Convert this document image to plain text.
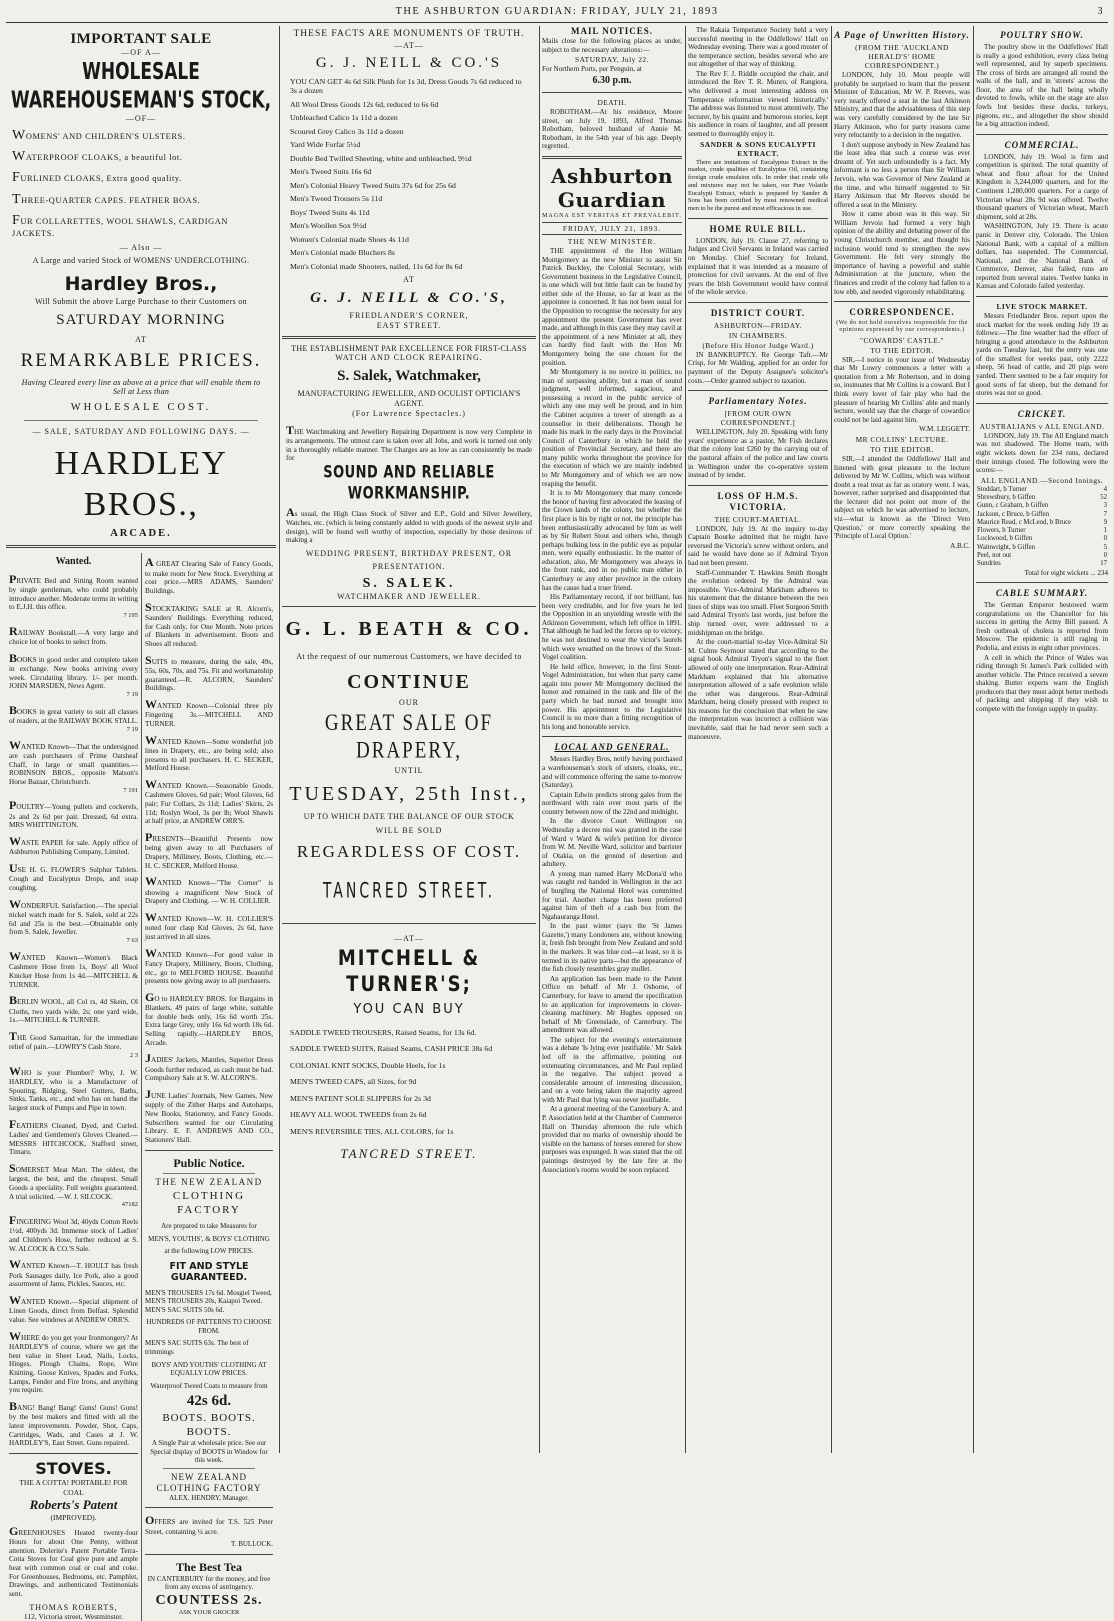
THE ASHBURTON GUARDIAN: FRIDAY, JULY 21, 1893	3
IMPORTANT SALE
—OF A—
WHOLESALE WAREHOUSEMAN'S STOCK,
—OF—

WOMENS' AND CHILDREN'S ULSTERS.

WATERPROOF CLOAKS, a beautiful lot.

FURLINED CLOAKS, Extra good quality.

THREE-QUARTER CAPES. FEATHER BOAS.

FUR COLLARETTES, WOOL SHAWLS, CARDIGAN JACKETS.

— Also —
A Large and varied Stock of WOMENS' UNDERCLOTHING.
Hardley Bros.,
Will Submit the above Large Purchase to their Customers on
SATURDAY MORNING
AT
REMARKABLE PRICES.
Having Cleared every line as above at a price that will enable them to Sell at Less than
WHOLESALE COST.
— SALE, SATURDAY AND FOLLOWING DAYS. —
HARDLEY BROS.,
ARCADE.
Wanted.
PRIVATE Bed and Sitting Room wanted by single gentleman, who could probably introduce another. Moderate terms in writing to E.J.H. this office.
7 195
RAILWAY Bookstall.—A very large and choice lot of books to select from.
BOOKS in good order and complete taken in exchange. New books arriving every week. Circulating library. 1/- per month. JOHN MARSDEN, News Agent.
7 19
BOOKS in great variety to suit all classes of readers, at the RAILWAY BOOK STALL.
7 19
WANTED Known—That the undersigned are cash purchasers of Prime Oatsheaf Chaff, in large or small quantities.—ROBINSON BROS., opposite Matson's Horse Bazaar, Christchurch.
7 191
POULTRY—Young pullets and cockerels, 2s and 2s 6d per pair. Dressed, 6d extra. MRS WHITTINGTON.
WASTE PAPER for sale. Apply office of Ashburton Publishing Company, Limited.
USE H. G. FLOWER'S Sulphur Tablets. Cough and Eucalyptus Drops, and soap coughing.
WONDERFUL Satisfaction.—The special nickel watch made for S. Salek, sold at 22s 6d and 25s is the best.—Obtainable only from S. Salek, Jeweller.
7 63
WANTED Known—Women's Black Cashmere Hose from 1s, Boys' all Wool Knicker Hose from 1s 4d.—MITCHELL & TURNER.
BERLIN WOOL, all Col rs, 4d Skein, Ol Cloths, two yards wide, 2s; one yard wide, 1s.—MITCHELL & TURNER.
THE Good Samaritan, for the immediate relief of pain.—LOWRY'S Cash Store.
2 3
WHO is your Plumber? Why, J. W. HARDLEY, who is a Manufacturer of Spouting, Ridging, Steel Gutters, Baths, Sinks, Tanks, etc., and who has on hand the largest stock of Pumps and Pipe in town.
FEATHERS Cleaned, Dyed, and Curled. Ladies' and Gentlemen's Gloves Cleaned.—MESSRS HITCHCOCK, Stafford street, Timaru.
SOMERSET Meat Mart. The oldest, the largest, the best, and the cheapest. Small Goods a speciality. Full weights guaranteed. A trial solicited. —W. J. SILCOCK.
47182
FINGERING Wool 3d, 40yds Cotton Reels 1½d, 400yds 3d. Immense stock of Ladies' and Children's Hose, further reduced at S. W. ALCOCK & CO.'S Sale.
WANTED Known—T. HOULT has fresh Pork Sausages daily, Ice Pork, also a good assortment of Jams, Pickles, Sauces, etc.
WANTED Known.—Special shipment of Linen Goods, direct from Belfast. Splendid value. See windows at ANDREW ORR'S.
WHERE do you get your Ironmongery? At HARDLEY'S of course, where we get the best value in Sheet Lead, Nails, Locks, Hinges, Plough Chains, Rope, Wire Knitting, Goose Knives, Spades and Forks, Lamps, Fender and Fire Irons, and anything you require.
BANG! Bang! Bang! Guns! Guns! Guns! by the best makers and fitted with all the latest improvements. Powder, Shot, Caps, Cartridges, Wads, and Cases at J. W. HARDLEY'S, East Street. Guns repaired.
STOVES.
THE A COTTA! PORTABLE! FOR COAL
Roberts's Patent
(IMPROVED).
GREENHOUSES Heated twenty-four Hours for about One Penny, without attention. Dolerite's Patent Portable Terra-Cotta Stoves for Coal give pure and ample heat with common coal or coal and coke. For Greenhouses, Bedrooms, etc. Pamphlet, Drawings, and authenticated Testimonials sent.
THOMAS ROBERTS,
112, Victoria street, Westminster.
A GREAT Clearing Sale of Fancy Goods, to make room for New Stock. Everything at cost price.—MRS ADAMS, Saunders' Buildings.
STOCKTAKING SALE at R. Alcorn's, Saunders' Buildings. Everything reduced, for Cash only, for One Month. Note prices of Blankets in advertisement. Boots and Shoes all reduced.
SUITS to measure, during the sale, 49s, 55s, 60s, 70s, and 75s. Fit and workmanship guaranteed.—R. ALCORN, Saunders' Buildings.
WANTED Known—Colonial three ply Fingering 3s.—MITCHELL AND TURNER.
WANTED Known—Some wonderful job lines in Drapery, etc., are being sold; also presents to all purchasers. H. C. SECKER, Melford House.
WANTED Known.—Seasonable Goods. Cashmere Gloves, 6d pair; Wool Gloves, 6d pair; Fur Collars, 2s 11d; Ladies' Skirts, 2s 11d; Roslyn Wool, 3s per lb; Wool Shawls at half price, at ANDREW ORR'S.
PRESENTS—Beautiful Presents now being given away to all Purchasers of Drapery, Millinery, Boots, Clothing, etc.—H. C. SECKER, Melford House.
WANTED Known—"The Corner" is showing a magnificent New Stock of Drapery and Clothing. — W. H. COLLIER.
WANTED Known—W. H. COLLIER'S noted four clasp Kid Gloves, 2s 6d, have just arrived in all sizes.
WANTED Known—For good value in Fancy Drapery, Millinery, Boots, Clothing, etc., go to MELFORD HOUSE. Beautiful presents now giving away to all purchasers.
GO to HARDLEY BROS. for Bargains in Blankets, 49 pairs of large white, suitable for double beds only, 16s 6d worth 25s. Extra large Grey, only 16s 6d worth 18s 6d. Selling rapidly.—HARDLEY BROS, Arcade.
JADIES' Jackets, Mantles, Superior Dress Goods further reduced, as cash must be had. Compulsory Sale at S. W. ALCORN'S.
JUNE Ladies' Journals, New Games, New supply of the Zither Harps and Autoharps, New Books, Stationery, and Fancy Goods. Subscribers wanted for our Circulating Library. E. F. ANDREWS AND CO., Stationers' Hall.
Public Notice.
THE NEW ZEALAND
CLOTHING FACTORY
Are prepared to take Measures for
MEN'S, YOUTHS', & BOYS' CLOTHING
at the following LOW PRICES.
FIT AND STYLE GUARANTEED.
MEN'S TROUSERS 17s 6d. Mosgiel Tweed,
MEN'S TROUSERS 20s, Kaiapoi Tweed.
MEN'S SAC SUITS 50s 6d.
HUNDREDS OF PATTERNS TO CHOOSE FROM.
MEN'S SAC SUITS 63s. The best of trimmings
BOYS' AND YOUTHS' CLOTHING AT EQUALLY LOW PRICES.
Waterproof Tweed Coats to measure from
42s 6d.
BOOTS. BOOTS. BOOTS.
A Single Pair at wholesale price. See our Special display of BOOTS in Window for this week.
NEW ZEALAND CLOTHING FACTORY
ALEX. HENDRY, Manager.
OFFERS are invited for T.S. 525 Peter Street, containing ¼ acre.
T. BULLOCK.
The Best Tea
IN CANTERBURY for the money, and free from any excess of astringency.
COUNTESS 2s.
ASK YOUR GROCER
THESE FACTS ARE MONUMENTS OF TRUTH.
—AT—
G. J. NEILL & CO.'S

YOU CAN GET 4s 6d Silk Plush for 1s 3d, Dress Goods 7s 6d reduced to 3s a dozen

All Wool Dress Goods 12s 6d, reduced to 6s 6d

Unbleached Calico 1s 11d a dozen

Scoured Grey Calico 3s 11d a dozen

Yard Wide Forfar 5½d

Double Bed Twilled Sheeting, white and unbleached, 9½d

Men's Tweed Suits 16s 6d

Men's Colonial Heavy Tweed Suits 37s 6d for 25s 6d

Men's Tweed Trousers 5s 11d

Boys' Tweed Suits 4s 11d

Men's Woollen Sox 9½d

Women's Colonial made Shoes 4s 11d

Men's Colonial made Bluchers 8s

Men's Colonial made Shooters, nailed, 11s 6d for 8s 6d

AT
G. J. NEILL & CO.'S,
FRIEDLANDER'S CORNER,
EAST STREET.
THE ESTABLISHMENT PAR EXCELLENCE FOR FIRST-CLASS
WATCH AND CLOCK REPAIRING.
S. Salek, Watchmaker,
MANUFACTURING JEWELLER, AND OCULIST OPTICIAN'S AGENT.
(For Lawrence Spectacles.)
THE Watchmaking and Jewellery Repairing Department is now very Complete in its arrangements. The utmost care is taken over all Jobs, and work is turned out only in a thoroughly reliable manner. The Charges are as low as can consistently be made for
SOUND AND RELIABLE WORKMANSHIP.
As usual, the High Class Stock of Silver and E.P., Gold and Silver Jewellery, Watches, etc. (which is being constantly added to with goods of the newest style and design), will be found well worthy of inspection, especially by those desirous of making a
WEDDING PRESENT, BIRTHDAY PRESENT, OR
PRESENTATION.
S. SALEK.
WATCHMAKER AND JEWELLER.
G. L. BEATH & CO.
At the request of our numerous Customers, we have decided to
CONTINUE
OUR
GREAT SALE OF DRAPERY,
UNTIL
TUESDAY, 25th Inst.,
UP TO WHICH DATE THE BALANCE OF OUR STOCK
WILL BE SOLD
REGARDLESS OF COST.
TANCRED STREET.
—AT—
MITCHELL & TURNER'S;
YOU CAN BUY

SADDLE TWEED TROUSERS, Raised Seams, for 13s 6d.

SADDLE TWEED SUITS, Raised Seams, CASH PRICE 38s 6d

COLONIAL KNIT SOCKS, Double Heels, for 1s

MEN'S TWEED CAPS, all Sizes, for 9d

MEN'S PATENT SOLE SLIPPERS for 2s 3d

HEAVY ALL WOOL TWEEDS from 2s 6d

MEN'S REVERSIBLE TIES, ALL COLORS, for 1s

TANCRED STREET.
MAIL NOTICES.

Mails close for the following places as under, subject to the necessary alterations:—

SATURDAY, July 22.

For Northern Ports, per Penguin, at

6.30 p.m.
DEATH.

ROBOTHAM.—At his residence, Moore street, on July 19, 1893, Alfred Thomas Robotham, beloved husband of Annie M. Robotham, in the 54th year of his age. Deeply regretted.

Ashburton Guardian
MAGNA EST VERITAS ET PREVALEBIT.
FRIDAY, JULY 21, 1893.
THE NEW MINISTER.

THE appointment of the Hon William Montgomery as the new Minister to assist Sir Patrick Buckley, the Colonial Secretary, with Government business in the Legislative Council, is one which will but little fault can be found by either side of the House, so far at least as the appointee is concerned. It has not been usual for the Opposition to recognise the necessity for any appointment the present Government has ever made, and although in this case they may cavil at the appointment of a new Minister at all, they can hardly find fault with the Hon Mr Montgomery being the one chosen for the position.

Mr Montgomery is no novice in politics, no man of surpassing ability, but a man of sound judgment, well informed, sagacious, and possessing a record in the public service of which any one may well be proud, and in him the Cabinet acquires a tower of strength as a counsellor in their deliberations. Though he made his mark in the early days in the Provincial Council of Canterbury in which he held the position of Provincial Secretary, and there are many public works throughout the province for the execution of which we are mainly indebted to Mr Montgomery and of which we are now reaping the benefit.

It is to Mr Montgomery that many concede the honor of having first advocated the leasing of the Crown lands of the colony, but whether the first place is his by right or not, the principle has been enthusiastically advocated by him as well as by Sir Robert Stout and others who, though perhaps bulking less in the public eye as popular men, were equally enthusiastic. In the matter of education, also, Mr Montgomery was always in the front rank, and in no public man either in Canterbury or any other province in the colony has the cause had a truer friend.

His Parliamentary record, if not brilliant, has been very creditable, and for five years he led the Opposition in an unyielding wrestle with the Atkinson Government, which left office in 1891. That although he had led the forces up to victory, he was not destined to wear the victor's laurels which were wreathed on the brows of the Stout-Vogel coalition.

He held office, however, in the first Stout-Vogel Administration, but when that party came again into power Mr Montgomery declined the honor and remained in the rank and file of the party which he had nursed and brought into power. His appointment to the Legislative Council is no more than a fitting recognition of his long and honorable service.

LOCAL AND GENERAL.

Messrs Hardley Bros, notify having purchased a warehouseman's stock of ulsters, cloaks, etc., and will commence offering the same to-morrow (Saturday).

Captain Edwin predicts strong gales from the northward with rain over most parts of the country between now of the 22nd and midnight.

In the divorce Court Wellington on Wednesday a decree nisi was granted in the case of Ward v Ward & wife's petition for divorce from W. M. Neville Ward, solicitor and barrister of Otakia, on the ground of desertion and adultery.

A young man named Harry McDona'd who was caught red handed in Wellington in the act of burgling the National Hotel was committed for trial. Another charge has been preferred against him of theft of a cash box from the Ngahauranga Hotel.

In the past winter (says the 'St James Gazette,') many Londoners ate, without knowing it, fresh fish brought from New Zealand and sold in the markets. It was blue cod—at least, so it is termed in its native parts—but the appearance of the fish closely resembles gray mullet.

An application has been made to the Patent Office on behalf of Mr J. Osborne, of Canterbury, for leave to amend the specification to an application for improvements in clover-cleaning machinery. Mr Hughes opposed on behalf of Mr Greenslade, of Canterbury. The amendment was allowed.

The subject for the evening's entertainment was a debate 'Is lying ever justifiable.' Mr Salek led off in the affirmative, pointing out extenuating circumstances, and Mr Paul replied in the negative. The subject proved a considerable amount of interesting discussion, and on a vote being taken the majority agreed with Mr Paul that lying was never justifiable.

At a general meeting of the Canterbury A. and P. Association held at the Chamber of Commerce Hall on Thursday afternoon the rule which provided that no marks of ownership should be visible on the harness of horses entered for show purposes was expunged. It was stated that the oil paintings destroyed by the late fire at the Association's rooms would be soon replaced.

The Rakaia Temperance Society held a very successful meeting in the Oddfellows' Hall on Wednesday evening. There was a good muster of the temperance section, besides several who are not altogether of that way of thinking.

The Rev F. J. Riddle occupied the chair, and introduced the Rev T. R. Munro, of Rangiora, who delivered a most interesting address on 'Temperance reformation viewed historically.' The address was listened to most attentively. The lecturer, by his quaint and humorous stories, kept his audience in roars of laughter, and all present seemed to thoroughly enjoy it.

SANDER & SONS EUCALYPTI EXTRACT.

There are imitations of Eucalyptus Extract in the market, crude qualities of Eucalyptus Oil, containing foreign crude emulsion oils. In order that crude oils and mixtures may not be taken, our Pure Volatile Eucalypti Extract, which is prepared by Sander & Sons has been certified by most renowned medical men to be the purest and most efficacious in use.

HOME RULE BILL.

LONDON, July 19. Clause 27, referring to Judges and Civil Servants in Ireland was carried on Monday. Chief Secretary for Ireland, explained that it was intended as a measure of protection for civil servants. At the end of five years the Irish Government would have control of the whole service.

DISTRICT COURT.
ASHBURTON—FRIDAY.
IN CHAMBERS.
(Before His Honor Judge Ward.)

IN BANKRUPTCY. Re George Taft.—Mr Crisp, for Mr Walding, applied for an order for payment of the Deputy Assignee's solicitor's costs.—Order granted subject to taxation.

Parliamentary Notes.
[FROM OUR OWN CORRESPONDENT.]

WELLINGTON, July 20. Speaking with forty years' experience as a pastor, Mr Fish declares that the colony lost £260 by the carrying out of the pastoral affairs of the police and law courts in Wellington under the co-operative system instead of by tender.

LOSS OF H.M.S. VICTORIA.
THE COURT-MARTIAL.

LONDON, July 19. At the inquiry to-day Captain Bourke admitted that he might have reversed the Victoria's screw without orders, and said he would have done so if Admiral Tryon had not been present.

Staff-Commander T. Hawkins Smith thought the evolution ordered by the Admiral was impossible. Vice-Admiral Markham adheres to his statement that the distance between the two lines of ships was too small. Fleet Surgeon Smith said Admiral Tryon's last words, just before the ship turned over, were addressed to a midshipman on the bridge.

At the court-martial to-day Vice-Admiral Sir M. Culme Seymour stated that according to the signal book Admiral Tryon's signal to the fleet allowed of only one interpretation. Rear-Admiral Markham explained that his alternative interpretation allowed of a safe evolution while the other was dangerous. Rear-Admiral Markham, being closely pressed with respect to his reasons for the conclusion that when he saw the interpretation was incorrect a collision was inevitable, said that he had never seen such a manoeuvre.

A Page of Unwritten History.
(FROM THE 'AUCKLAND HERALD'S' HOME CORRESPONDENT.)

LONDON, July 10. Most people will probably be surprised to learn that the present Minister of Education, Mr W. P. Reeves, was very nearly offered a seat in the last Atkinson Ministry, and that the advisableness of this step was very carefully considered by the late Sir Harry Atkinson, who for party reasons came very reluctantly to a decision in the negative.

I don't suppose anybody in New Zealand has the least idea that such a course was ever dreamt of. Yet such unfoundedly is a fact. My informant is no less a person than Sir William Jervois, who was Governor of New Zealand at the time, and who himself suggested to Sir Harry Atkinson that Mr Reeves should be offered a seat in the Ministry.

How it came about was in this way. Sir William Jervois had formed a very high opinion of the ability and debating power of the young Christchurch member, and thought his inclusion would tend to strengthen the new Government. He felt very strongly the importance of having a powerful and stable Administration at the juncture, when the finances and credit of the colony had fallen to a low ebb, and needed vigorously rehabilitating.

CORRESPONDENCE.
(We do not hold ourselves responsible for the opinions expressed by our correspondents.)
"COWARDS' CASTLE."
TO THE EDITOR.

SIR,—I notice in your issue of Wednesday that Mr Lowry commences a letter with a quotation from a Mr Robertson, and in doing so, insinuates that Mr Collins is a coward. But I think every lover of fair play who had the pleasure of hearing Mr Collins' able and manly lecture, would say that the charge of cowardice could not be laid against him.

W.M. LEGGETT.

MR COLLINS' LECTURE.
TO THE EDITOR.

SIR,—I attended the Oddfellows' Hall and listened with great pleasure to the lecture delivered by Mr W. Collins, which was without doubt a real treat as far as oratory went. I was, however, rather surprised and disappointed that the lecturer did not point out more of the subject on which he was advertised to lecture, viz—what is known as the 'Direct Veto Question,' or more correctly speaking the 'Principle of Local Option.'

A.B.C.

POULTRY SHOW.

The poultry show in the Oddfellows' Hall is really a good exhibition, every class being well represented, and by superb specimens. The cross of birds are arranged all round the walls of the hall, and in 'streets' across the floor, the area of the hall being wholly devoted to fowls, while on the stage are also fowls but besides these ducks, turkeys, pigeons, etc., and altogether the show should be a big attraction indeed.

COMMERCIAL.

LONDON, July 19. Wool is firm and competition is spirited. The total quantity of wheat and flour afloat for the United Kingdom is 3,244,000 quarters, and for the Continent 1,280,000 quarters. For a cargo of Victorian wheat 28s 9d was offered. Twelve thousand quarters of Victorian wheat, March shipment, sold at 28s.

WASHINGTON, July 19. There is acute panic in Denver city, Colorado. The Union National Bank, with a capital of a million dollars, has suspended. The Commercial, National, and the National Bank of Commerce, Denver, also failed, runs are reported from several states. Twelve banks in Kansas and Colorado failed yesterday.

LIVE STOCK MARKET.

Messrs Friedlander Bros. report upon the stock market for the week ending July 19 as follows:—The fine weather had the effect of bringing a good attendance to the Ashburton yards on Tuesday last, but the entry was one of the smallest for weeks past, only 2222 sheep, 56 head of cattle, and 20 pigs were yarded. There seemed to be a fair enquiry for good sorts of fat sheep, but the demand for stores was not so good.

CRICKET.
AUSTRALIANS v ALL ENGLAND.

LONDON, July 19. The All England match was not shadowed. The Home team, with eight wickets down for 234 runs, declared their innings closed. The following were the scores:—

ALL ENGLAND.—Second Innings.
Stoddart, b Turner	4
Shrewsbury, b Giffen	52
Gunn, c Graham, b Giffen	3
Jackson, c Bruce, b Giffen	7
Maurice Read, c McLeod, b Bruce	9
Flowers, b Turner	1
Lockwood, b Giffen	0
Wainwright, b Giffen	5
Peel, not out	0
Sundries	17

Total for eight wickets ... 234

CABLE SUMMARY.

The German Emperor bestowed warm congratulations on the Chancellor for his success in getting the Army Bill passed. A fresh outbreak of cholera is reported from Moscow. The epidemic is still raging in Podolia, and exists in eight other provinces.

A cell in which the Prince of Wales was riding through St James's Park collided with another vehicle. The Prince received a severe shaking. Butter experts warn the English producers that they must adopt better methods of packing and shipping if they wish to compete with the foreign supply in quality.
